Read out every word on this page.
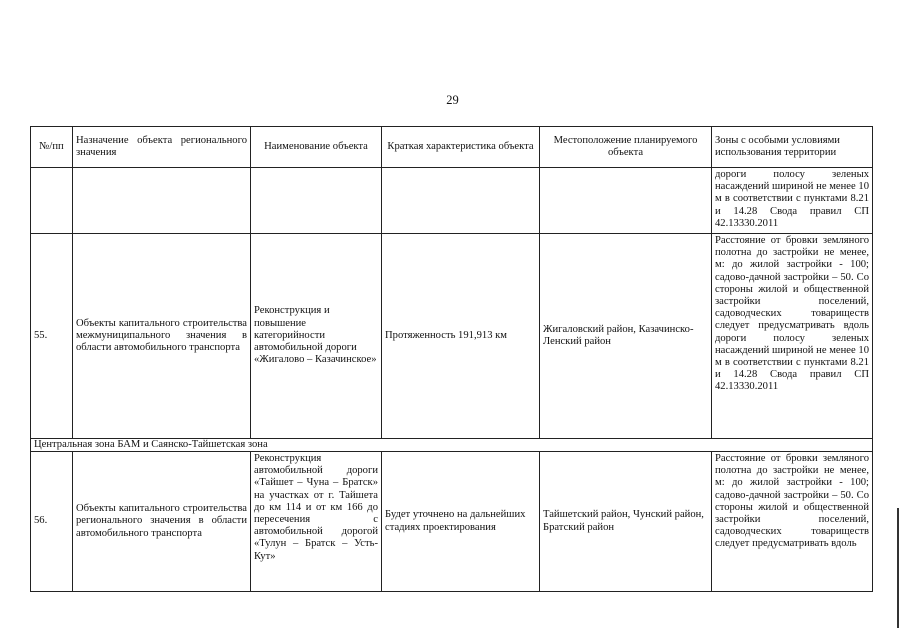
29
№/пп	Назначение объекта регионального значения	Наименование объекта	Краткая характеристика объекта	Местоположение планируемого объекта	Зоны с особыми условиями использования территории
					дороги полосу зеленых насаждений шириной не менее 10 м в соответствии с пунктами 8.21 и 14.28 Свода правил СП 42.13330.2011
55.	Объекты капитального строительства межмуниципального значения в области автомобильного транспорта	Реконструкция и повышение категорийности автомобильной дороги «Жигалово – Казачинское»	Протяженность 191,913 км	Жигаловский район, Казачинско-Ленский район	Расстояние от бровки земляного полотна до застройки не менее, м: до жилой застройки - 100; садово-дачной застройки – 50. Со стороны жилой и общественной застройки поселений, садоводческих товариществ следует предусматривать вдоль дороги полосу зеленых насаждений шириной не менее 10 м в соответствии с пунктами 8.21 и 14.28 Свода правил СП 42.13330.2011
Центральная зона БАМ и Саянско-Тайшетская зона					
56.	Объекты капитального строительства регионального значения в области автомобильного транспорта	Реконструкция автомобильной дороги «Тайшет – Чуна – Братск» на участках от г. Тайшета до км 114 и от км 166 до пересечения с автомобильной дорогой «Тулун – Братск – Усть-Кут»	Будет уточнено на дальнейших стадиях проектирования	Тайшетский район, Чунский район, Братский район	Расстояние от бровки земляного полотна до застройки не менее, м: до жилой застройки - 100; садово-дачной застройки – 50. Со стороны жилой и общественной застройки поселений, садоводческих товариществ следует предусматривать вдоль
